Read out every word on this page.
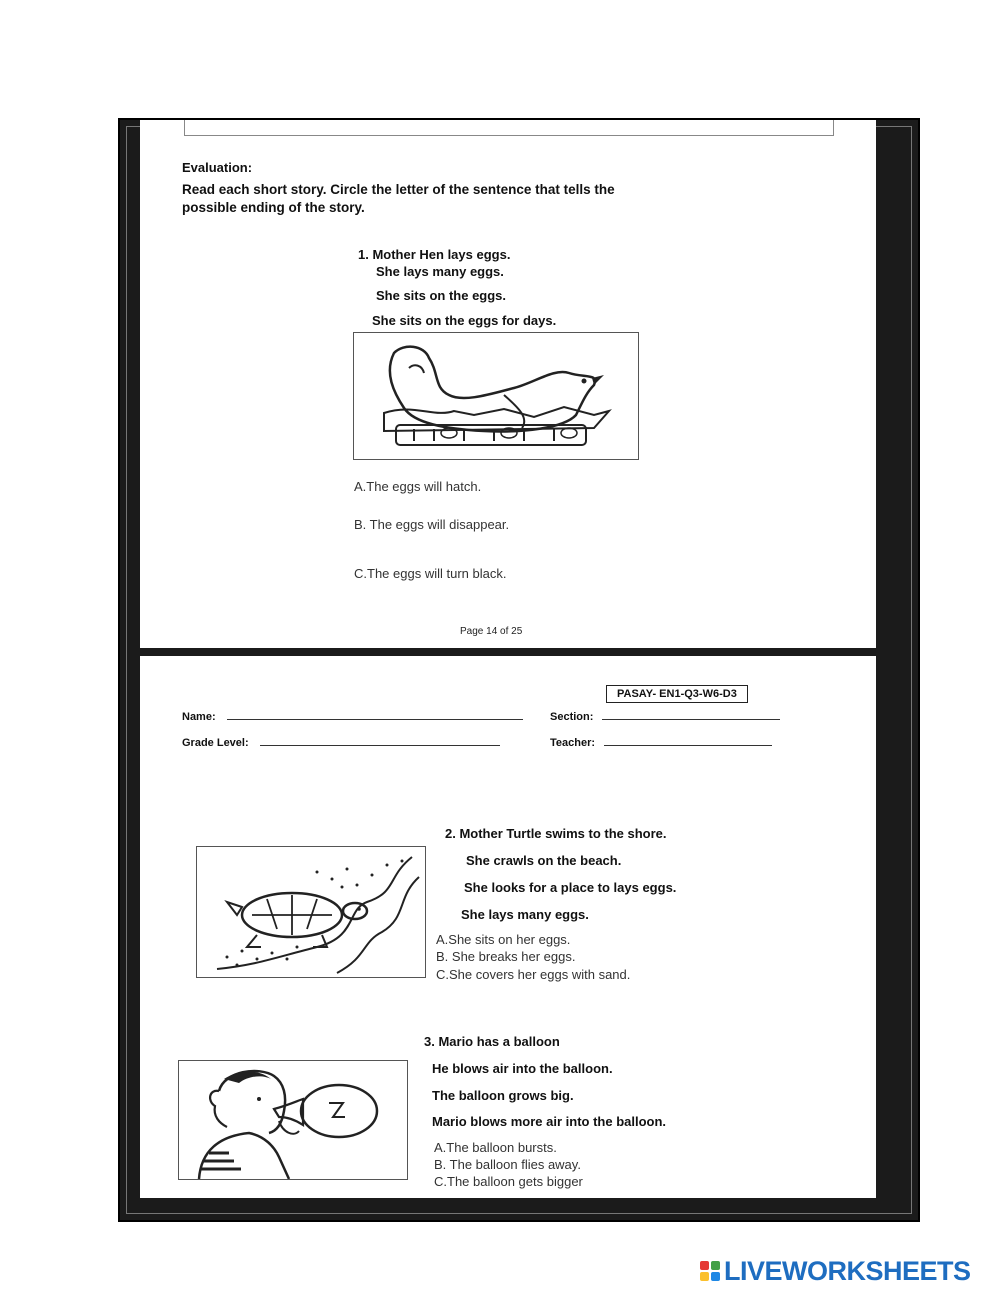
Evaluation:
Read each short story. Circle the letter of the sentence that tells the
possible ending of the story.
1. Mother Hen lays eggs.
She lays many eggs.
She sits on the eggs.
She sits on the eggs for days.
A.The eggs will hatch.
B. The eggs will disappear.
C.The eggs will turn black.
Page 14 of 25
PASAY- EN1-Q3-W6-D3
Name:	Section:
Grade Level:	Teacher:
2. Mother Turtle swims to the shore.
She crawls on the beach.
She looks for a place to lays eggs.
She lays many eggs.
A.She sits on her eggs.
B. She breaks her eggs.
C.She covers her eggs with sand.
3. Mario has a balloon
He blows air into the balloon.
The balloon grows big.
Mario blows more air into the balloon.
A.The balloon bursts.
B. The balloon flies away.
C.The balloon gets bigger
LIVEWORKSHEETS
